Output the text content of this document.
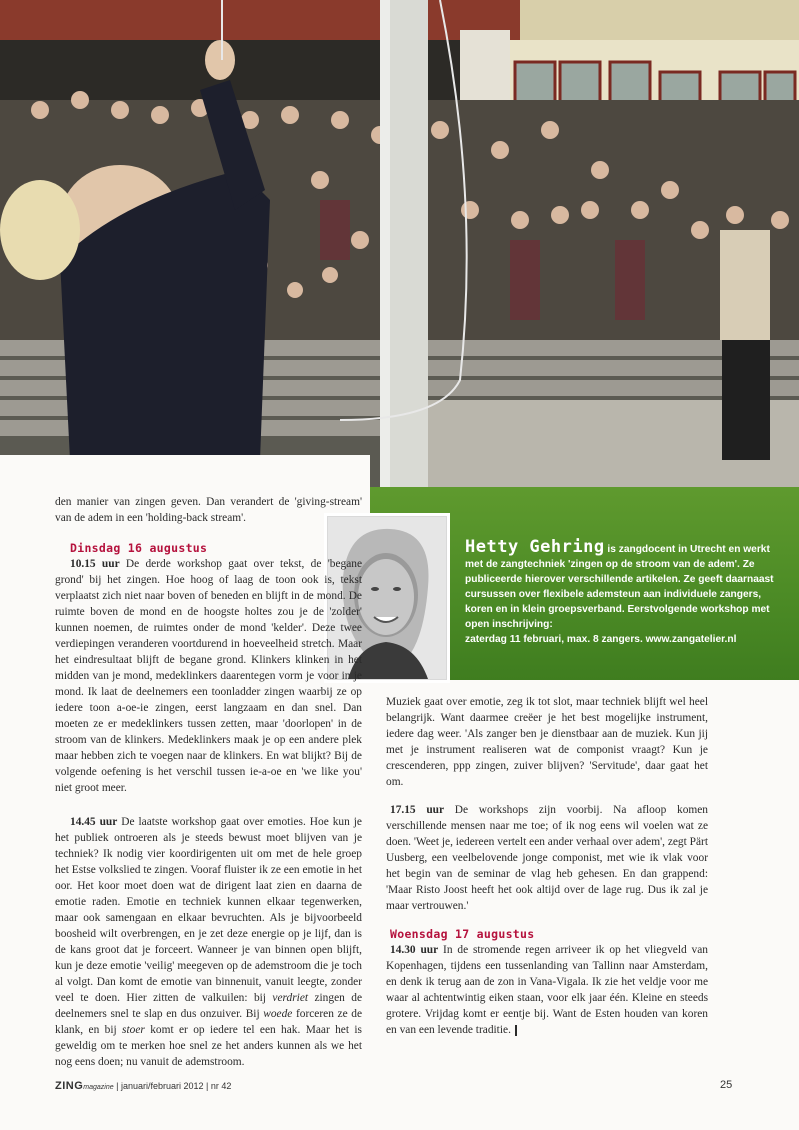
Hetty Gehring is zangdocent in Utrecht en werkt met de zangtechniek 'zingen op de stroom van de adem'. Ze publiceerde hierover verschillende artikelen. Ze geeft daarnaast cursussen over flexibele ademsteun aan individuele zangers, koren en in klein groepsverband. Eerstvolgende workshop met open inschrijving:
zaterdag 11 februari, max. 8 zangers. www.zangatelier.nl

den manier van zingen geven. Dan verandert de 'giving-stream' van de adem in een 'holding-back stream'.

Dinsdag 16 augustus

10.15 uur De derde workshop gaat over tekst, de 'begane grond' bij het zingen. Hoe hoog of laag de toon ook is, tekst verplaatst zich niet naar boven of beneden en blijft in de mond. De ruimte boven de mond en de hoogste holtes zou je de 'zolder' kunnen noemen, de ruimtes onder de mond 'kelder'. Deze twee verdiepingen veranderen voortdurend in hoeveelheid stretch. Maar het eindresultaat blijft de begane grond. Klinkers klinken in het midden van je mond, medeklinkers daarentegen vorm je voor in je mond. Ik laat de deelnemers een toonladder zingen waarbij ze op iedere toon a-oe-ie zingen, eerst langzaam en dan snel. Dan moeten ze er medeklinkers tussen zetten, maar 'doorlopen' in de stroom van de klinkers. Medeklinkers maak je op een andere plek maar hebben zich te voegen naar de klinkers. En wat blijkt? Bij de volgende oefening is het verschil tussen ie-a-oe en 'we like you' niet groot meer.

14.45 uur De laatste workshop gaat over emoties. Hoe kun je het publiek ontroeren als je steeds bewust moet blijven van je techniek? Ik nodig vier koordirigenten uit om met de hele groep het Estse volkslied te zingen. Vooraf fluister ik ze een emotie in het oor. Het koor moet doen wat de dirigent laat zien en daarna de emotie raden. Emotie en techniek kunnen elkaar tegenwerken, maar ook samengaan en elkaar bevruchten. Als je bijvoorbeeld boosheid wilt overbrengen, en je zet deze energie op je lijf, dan is de kans groot dat je forceert. Wanneer je van binnen open blijft, kun je deze emotie 'veilig' meegeven op de ademstroom die je toch al volgt. Dan komt de emotie van binnenuit, vanuit leegte, zonder veel te doen. Hier zitten de valkuilen: bij verdriet zingen de deelnemers snel te slap en dus onzuiver. Bij woede forceren ze de klank, en bij stoer komt er op iedere tel een hak. Maar het is geweldig om te merken hoe snel ze het anders kunnen als we het nog eens doen; nu vanuit de ademstroom.

Muziek gaat over emotie, zeg ik tot slot, maar techniek blijft wel heel belangrijk. Want daarmee creëer je het best mogelijke instrument, iedere dag weer. 'Als zanger ben je dienstbaar aan de muziek. Kun jij met je instrument realiseren wat de componist vraagt? Kun je crescenderen, ppp zingen, zuiver blijven? 'Servitude', daar gaat het om.

17.15 uur De workshops zijn voorbij. Na afloop komen verschillende mensen naar me toe; of ik nog eens wil voelen wat ze doen. 'Weet je, iedereen vertelt een ander verhaal over adem', zegt Pärt Uusberg, een veelbelovende jonge componist, met wie ik vlak voor het begin van de seminar de vlag heb gehesen. En dan grappend: 'Maar Risto Joost heeft het ook altijd over de lage rug. Dus ik zal je maar vertrouwen.'

Woensdag 17 augustus

14.30 uur In de stromende regen arriveer ik op het vliegveld van Kopenhagen, tijdens een tussenlanding van Tallinn naar Amsterdam, en denk ik terug aan de zon in Vana-Vigala. Ik zie het veldje voor me waar al achtentwintig eiken staan, voor elk jaar één. Kleine en steeds grotere. Vrijdag komt er eentje bij. Want de Esten houden van koren en van een levende traditie.

ZINGmagazine | januari/februari 2012 | nr 42	25
